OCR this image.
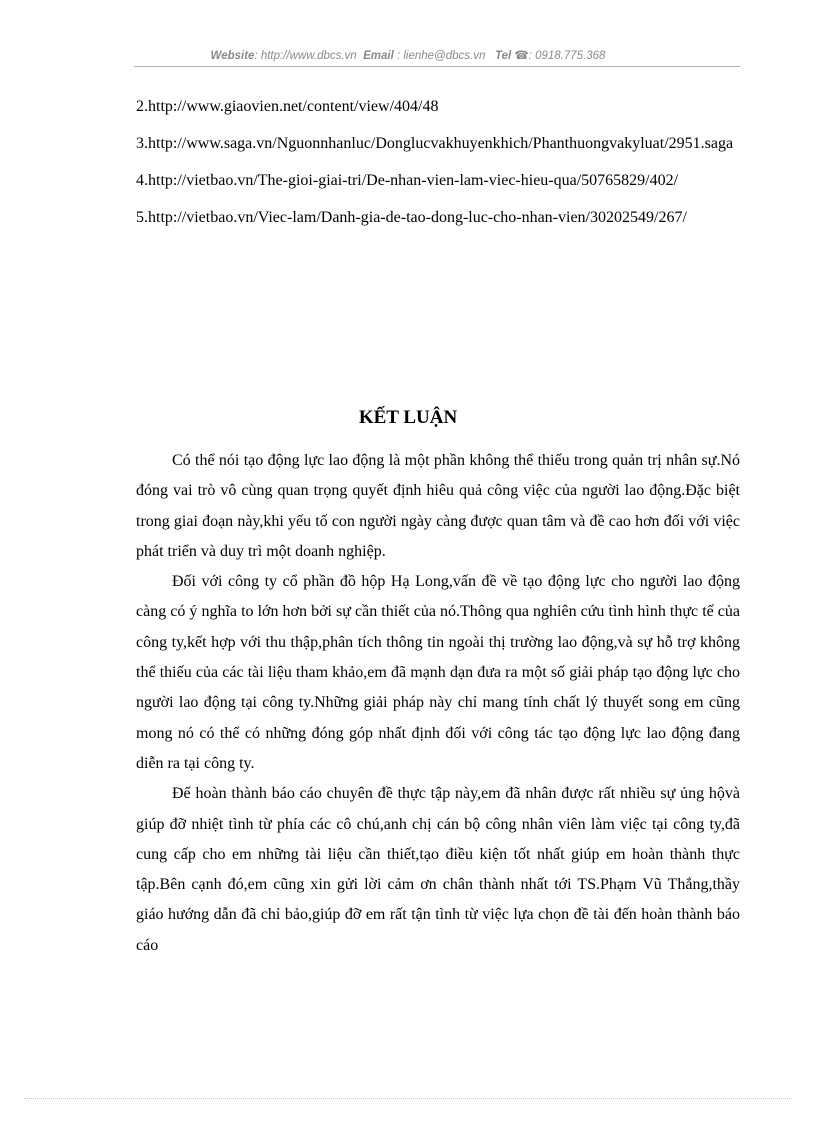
Website: http://www.dbcs.vn Email : lienhe@dbcs.vn Tel ☎: 0918.775.368

2.http://www.giaovien.net/content/view/404/48

3.http://www.saga.vn/Nguonnhanluc/Donglucvakhuyenkhich/Phanthuongvakyluat/2951.saga

4.http://vietbao.vn/The-gioi-giai-tri/De-nhan-vien-lam-viec-hieu-qua/50765829/402/

5.http://vietbao.vn/Viec-lam/Danh-gia-de-tao-dong-luc-cho-nhan-vien/30202549/267/

KẾT LUẬN

Có thể nói tạo động lực lao động là một phần không thể thiếu trong quản trị nhân sự.Nó đóng vai trò vô cùng quan trọng quyết định hiêu quả công việc của người lao động.Đặc biệt trong giai đoạn này,khi yếu tố con người ngày càng được quan tâm và đề cao hơn đối với việc phát triển và duy trì một doanh nghiệp.

Đối với công ty cổ phần đồ hộp Hạ Long,vấn đề về tạo động lực cho người lao động càng có ý nghĩa to lớn hơn bởi sự cần thiết của nó.Thông qua nghiên cứu tình hình thực tế của công ty,kết hợp với thu thập,phân tích thông tin ngoài thị trường lao động,và sự hỗ trợ không thể thiếu của các tài liệu tham khảo,em đã mạnh dạn đưa ra một số giải pháp tạo động lực cho người lao động tại công ty.Những giải pháp này chỉ mang tính chất lý thuyết song em cũng mong nó có thể có những đóng góp nhất định đối với công tác tạo động lực lao động đang diễn ra tại công ty.

Để hoàn thành báo cáo chuyên đề thực tập này,em đã nhân được rất nhiều sự ủng hộvà giúp đỡ nhiệt tình từ phía các cô chú,anh chị cán bộ công nhân viên làm việc tại công ty,đã cung cấp cho em những tài liệu cần thiết,tạo điều kiện tốt nhất giúp em hoàn thành thực tập.Bên cạnh đó,em cũng xin gửi lời cảm ơn chân thành nhất tới TS.Phạm Vũ Thắng,thầy giáo hướng dẫn đã chỉ bảo,giúp đỡ em rất tận tình từ việc lựa chọn đề tài đến hoàn thành báo cáo
